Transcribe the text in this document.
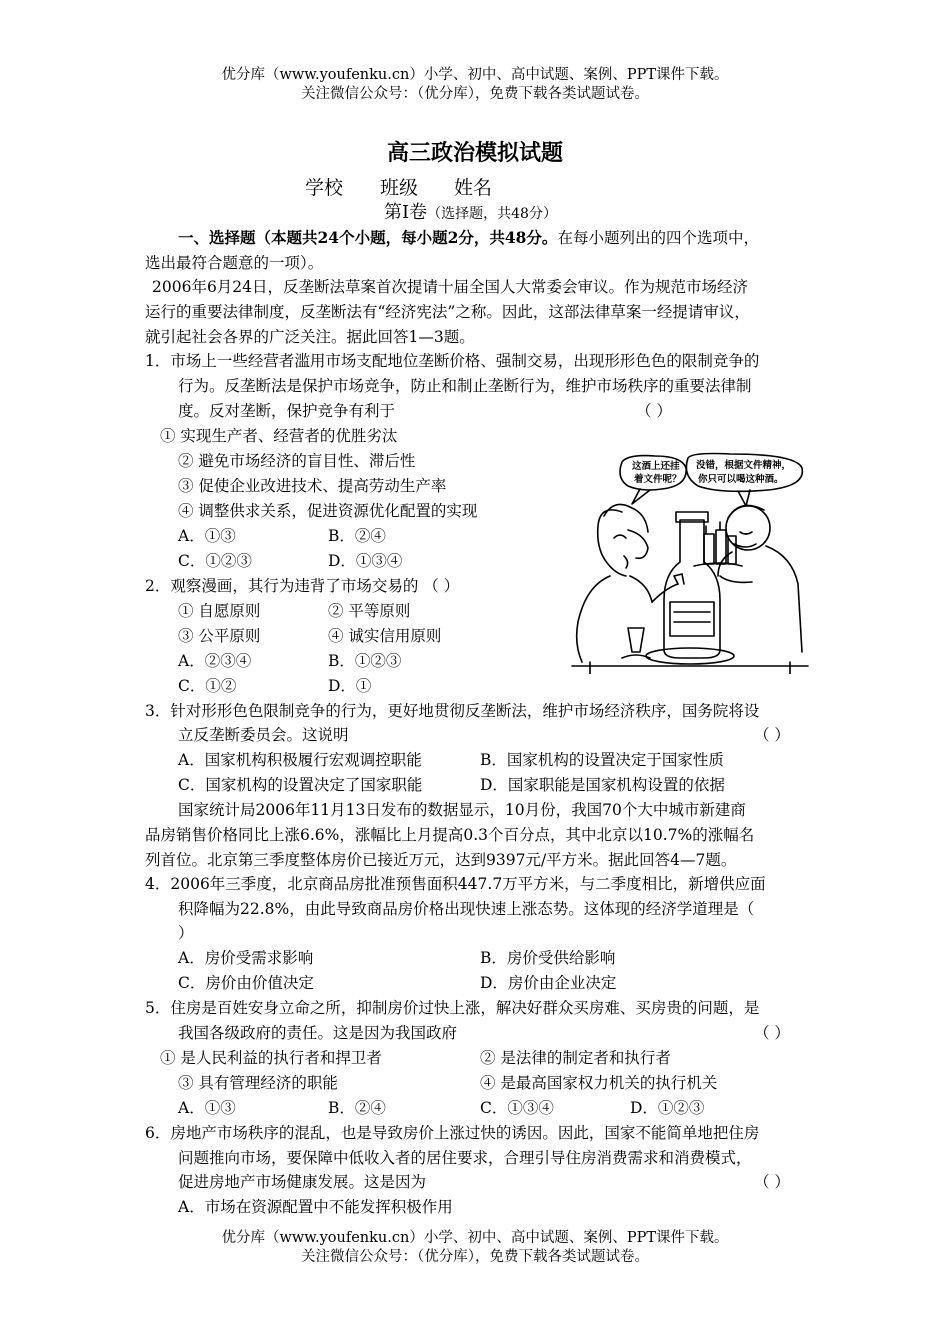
优分库（www.youfenku.cn）小学、初中、高中试题、案例、PPT课件下载。
关注微信公众号：（优分库），免费下载各类试题试卷。
高三政治模拟试题
学校 班级 姓名
第Ⅰ卷（选择题，共48分）
一、选择题（本题共24个小题，每小题2分，共48分。在每小题列出的四个选项中，
选出最符合题意的一项）。
2006年6月24日，反垄断法草案首次提请十届全国人大常委会审议。作为规范市场经济
运行的重要法律制度，反垄断法有“经济宪法”之称。因此，这部法律草案一经提请审议，
就引起社会各界的广泛关注。据此回答1—3题。
1．市场上一些经营者滥用市场支配地位垄断价格、强制交易，出现形形色色的限制竞争的
行为。反垄断法是保护市场竞争，防止和制止垄断行为，维护市场秩序的重要法律制
度。反对垄断，保护竞争有利于	（ ）
① 实现生产者、经营者的优胜劣汰
② 避免市场经济的盲目性、滞后性
③ 促使企业改进技术、提高劳动生产率
④ 调整供求关系，促进资源优化配置的实现
A．①③	B．②④
C．①②③	D．①③④
2．观察漫画，其行为违背了市场交易的 （ ）
① 自愿原则	② 平等原则
③ 公平原则	④ 诚实信用原则
A．②③④	B．①②③
C．①②	D．①
这酒上还挂
着文件呢？
没错，根据文件精神，
你只可以喝这种酒。
3．针对形形色色限制竞争的行为，更好地贯彻反垄断法，维护市场经济秩序，国务院将设
立反垄断委员会。这说明	（ ）
A．国家机构积极履行宏观调控职能	B．国家机构的设置决定于国家性质
C．国家机构的设置决定了国家职能	D．国家职能是国家机构设置的依据
国家统计局2006年11月13日发布的数据显示，10月份，我国70个大中城市新建商
品房销售价格同比上涨6.6%，涨幅比上月提高0.3个百分点，其中北京以10.7%的涨幅名
列首位。北京第三季度整体房价已接近万元，达到9397元/平方米。据此回答4—7题。
4．2006年三季度，北京商品房批准预售面积447.7万平方米，与二季度相比，新增供应面
积降幅为22.8%，由此导致商品房价格出现快速上涨态势。这体现的经济学道理是（
）
A．房价受需求影响	B．房价受供给影响
C．房价由价值决定	D．房价由企业决定
5．住房是百姓安身立命之所，抑制房价过快上涨，解决好群众买房难、买房贵的问题，是
我国各级政府的责任。这是因为我国政府	（ ）
① 是人民利益的执行者和捍卫者	② 是法律的制定者和执行者
③ 具有管理经济的职能	④ 是最高国家权力机关的执行机关
A．①③	B．②④	C．①③④	D．①②③
6．房地产市场秩序的混乱，也是导致房价上涨过快的诱因。因此，国家不能简单地把住房
问题推向市场，要保障中低收入者的居住要求，合理引导住房消费需求和消费模式，
促进房地产市场健康发展。这是因为	（ ）
A．市场在资源配置中不能发挥积极作用
优分库（www.youfenku.cn）小学、初中、高中试题、案例、PPT课件下载。
关注微信公众号：（优分库），免费下载各类试题试卷。
